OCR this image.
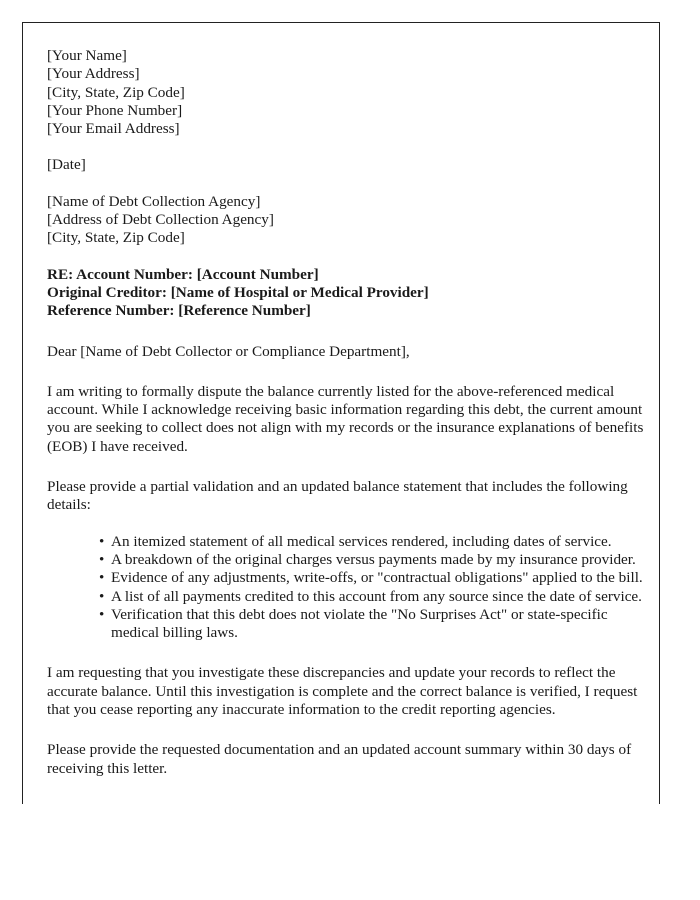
[Your Name]
[Your Address]
[City, State, Zip Code]
[Your Phone Number]
[Your Email Address]
[Date]
[Name of Debt Collection Agency]
[Address of Debt Collection Agency]
[City, State, Zip Code]
RE: Account Number: [Account Number]
Original Creditor: [Name of Hospital or Medical Provider]
Reference Number: [Reference Number]

Dear [Name of Debt Collector or Compliance Department],

I am writing to formally dispute the balance currently listed for the above-referenced medical account. While I acknowledge receiving basic information regarding this debt, the current amount you are seeking to collect does not align with my records or the insurance explanations of benefits (EOB) I have received.

Please provide a partial validation and an updated balance statement that includes the following details:

• An itemized statement of all medical services rendered, including dates of service.
• A breakdown of the original charges versus payments made by my insurance provider.
• Evidence of any adjustments, write-offs, or "contractual obligations" applied to the bill.
• A list of all payments credited to this account from any source since the date of service.
• Verification that this debt does not violate the "No Surprises Act" or state-specific medical billing laws.

I am requesting that you investigate these discrepancies and update your records to reflect the accurate balance. Until this investigation is complete and the correct balance is verified, I request that you cease reporting any inaccurate information to the credit reporting agencies.

Please provide the requested documentation and an updated account summary within 30 days of receiving this letter.
